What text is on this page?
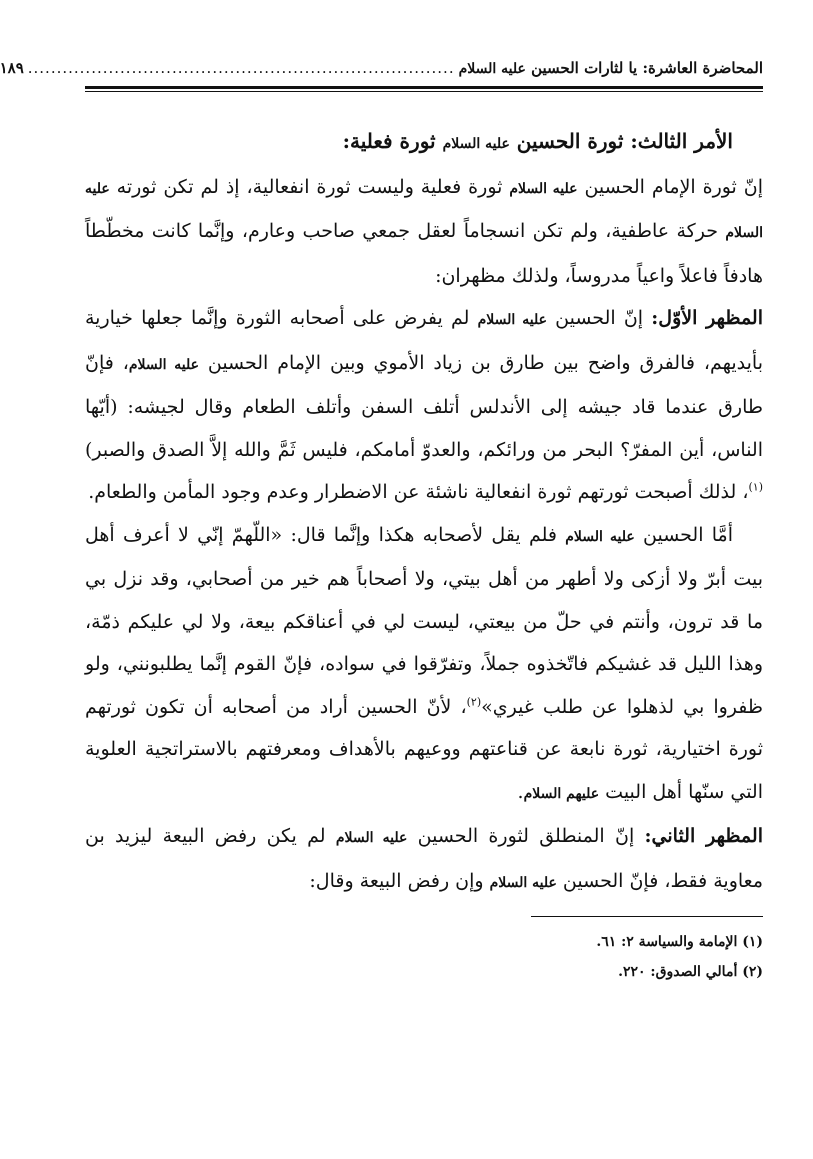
المحاضرة العاشرة: يا لثارات الحسين عليه السلام
..........................................................................
١٨٩

الأمر الثالث: ثورة الحسين عليه السلام ثورة فعلية:

إنّ ثورة الإمام الحسين عليه السلام ثورة فعلية وليست ثورة انفعالية، إذ لم تكن ثورته عليه السلام حركة عاطفية، ولم تكن انسجاماً لعقل جمعي صاحب وعارم، وإنَّما كانت مخطّطاً هادفاً فاعلاً واعياً مدروساً، ولذلك مظهران:

المظهر الأوّل: إنّ الحسين عليه السلام لم يفرض على أصحابه الثورة وإنَّما جعلها خيارية بأيديهم، فالفرق واضح بين طارق بن زياد الأموي وبين الإمام الحسين عليه السلام، فإنّ طارق عندما قاد جيشه إلى الأندلس أتلف السفن وأتلف الطعام وقال لجيشه: (أيّها الناس، أين المفرّ؟ البحر من ورائكم، والعدوّ أمامكم، فليس ثَمَّ والله إلاَّ الصدق والصبر)$^{(١)}$، لذلك أصبحت ثورتهم ثورة انفعالية ناشئة عن الاضطرار وعدم وجود المأمن والطعام.

أمَّا الحسين عليه السلام فلم يقل لأصحابه هكذا وإنَّما قال: «اللّهمّ إنّي لا أعرف أهل بيت أبرّ ولا أزكى ولا أطهر من أهل بيتي، ولا أصحاباً هم خير من أصحابي، وقد نزل بي ما قد ترون، وأنتم في حلّ من بيعتي، ليست لي في أعناقكم بيعة، ولا لي عليكم ذمّة، وهذا الليل قد غشيكم فاتّخذوه جملاً، وتفرّقوا في سواده، فإنّ القوم إنَّما يطلبونني، ولو ظفروا بي لذهلوا عن طلب غيري»$^{(٢)}$، لأنّ الحسين أراد من أصحابه أن تكون ثورتهم ثورة اختيارية، ثورة نابعة عن قناعتهم ووعيهم بالأهداف ومعرفتهم بالاستراتجية العلوية التي سنّها أهل البيت عليهم السلام.

المظهر الثاني: إنّ المنطلق لثورة الحسين عليه السلام لم يكن رفض البيعة ليزيد بن معاوية فقط، فإنّ الحسين عليه السلام وإن رفض البيعة وقال:

(١) الإمامة والسياسة ٢: ٦١.

(٢) أمالي الصدوق: ٢٢٠.
